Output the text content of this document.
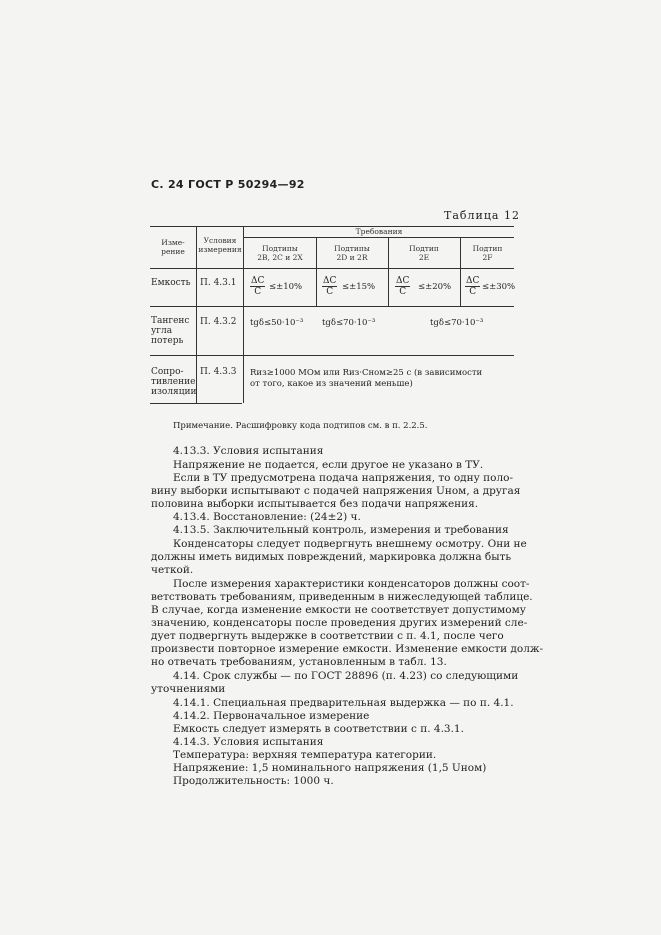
С. 24 ГОСТ Р 50294—92
Таблица 12
Изме-
рение
Условия
измерения
Требования
Подтипы
2В, 2С и 2Х
Подтипы
2D и 2R
Подтип
2Е
Подтип
2F
Емкость П. $4.3.1 \frac{\Delta C}{C} \le\pm 10\% \frac{\Delta C}{C} \le\pm 15\% \frac{\Delta C}{C} \le\pm 20\% \frac{\Delta C}{C} \le\pm 30\%$
Тангенс
угла
потерь
П. 4.3.2 tgδ≤50·10⁻³ tgδ≤70·10⁻³	tgδ≤70·10⁻³
Сопро-
тивление
изоляции
П. 4.3.3 Rиз≥1000 МОм или Rиз·Cном≥25 с (в зависимости
от того, какое из значений меньше)
Примечание. Расшифровку кода подтипов см. в п. 2.2.5.
4.13.3. Условия испытания
Напряжение не подается, если другое не указано в ТУ.
Если в ТУ предусмотрена подача напряжения, то одну поло-
вину выборки испытывают с подачей напряжения Uном, а другая
половина выборки испытывается без подачи напряжения.
4.13.4. Восстановление: (24±2) ч.
4.13.5. Заключительный контроль, измерения и требования
Конденсаторы следует подвергнуть внешнему осмотру. Они не
должны иметь видимых повреждений, маркировка должна быть
четкой.
После измерения характеристики конденсаторов должны соот-
ветствовать требованиям, приведенным в нижеследующей таблице.
В случае, когда изменение емкости не соответствует допустимому
значению, конденсаторы после проведения других измерений сле-
дует подвергнуть выдержке в соответствии с п. 4.1, после чего
произвести повторное измерение емкости. Изменение емкости долж-
но отвечать требованиям, установленным в табл. 13.
4.14. Срок службы — по ГОСТ 28896 (п. 4.23) со следующими
уточнениями
4.14.1. Специальная предварительная выдержка — по п. 4.1.
4.14.2. Первоначальное измерение
Емкость следует измерять в соответствии с п. 4.3.1.
4.14.3. Условия испытания
Температура: верхняя температура категории.
Напряжение: 1,5 номинального напряжения (1,5 Uном)
Продолжительность: 1000 ч.
